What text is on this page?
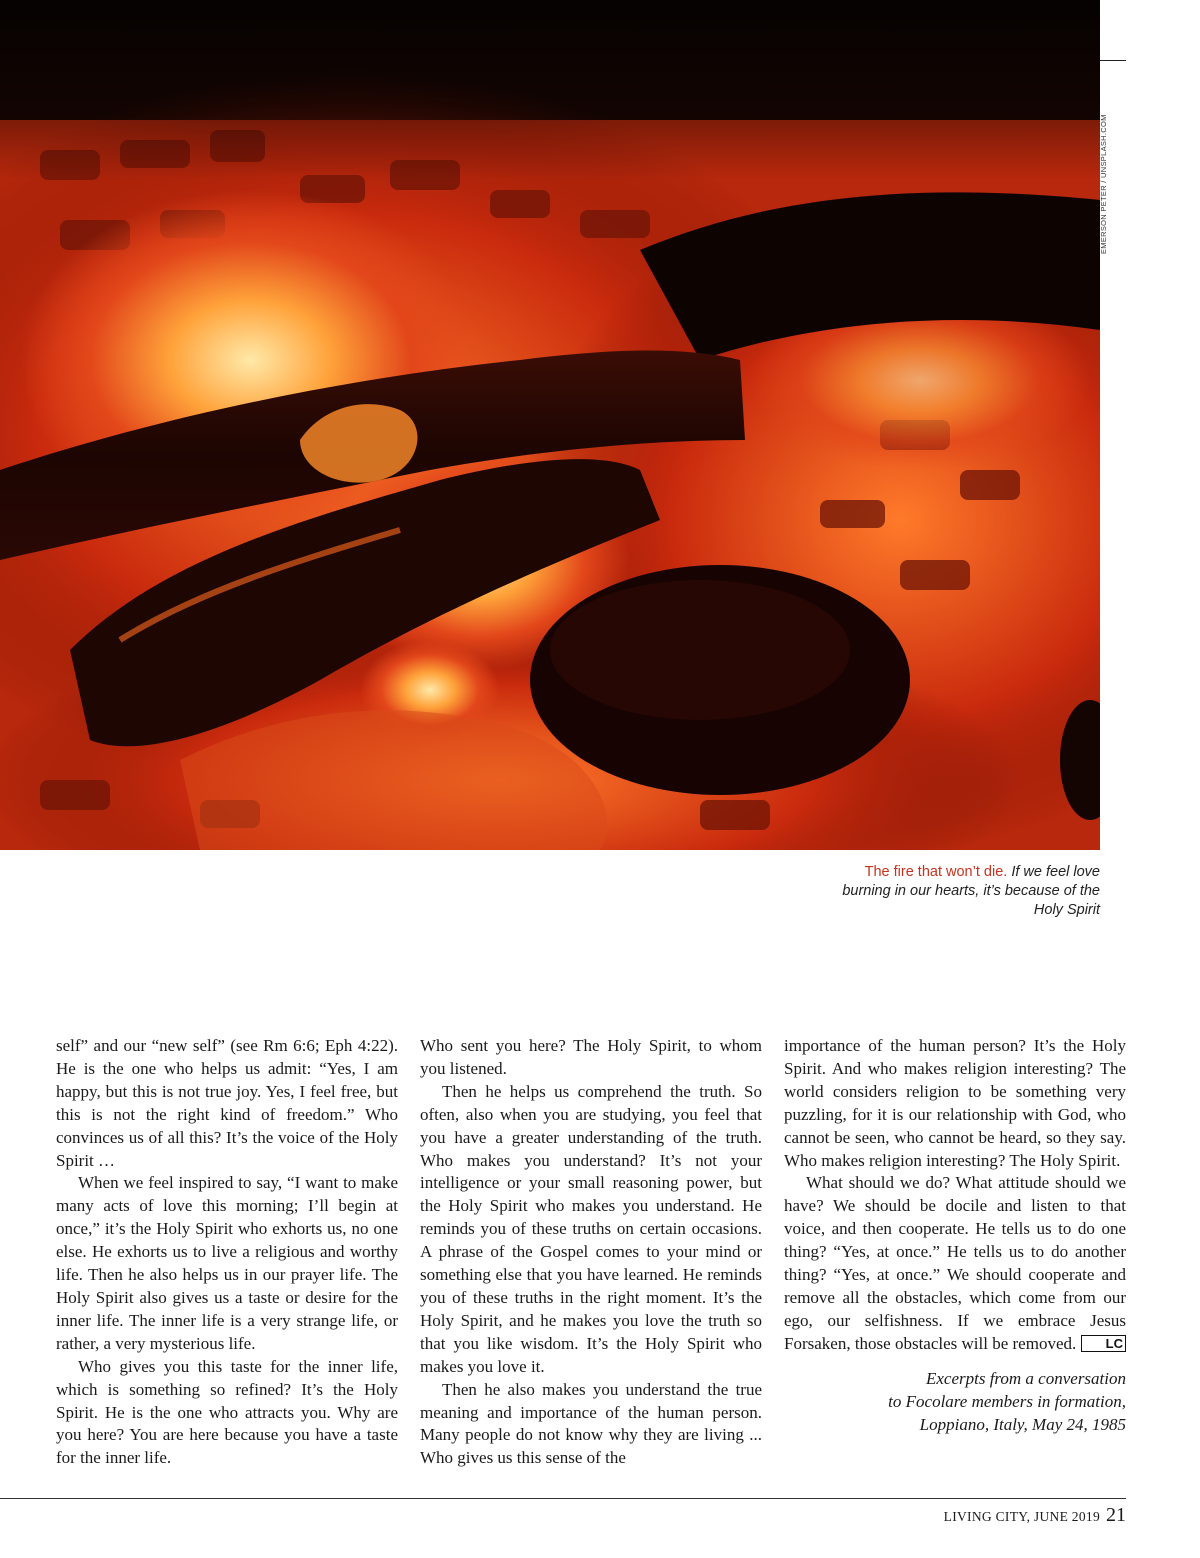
EMERSON PETER / UNSPLASH.COM
The fire that won’t die. If we feel love burning in our hearts, it’s because of the Holy Spirit

self” and our “new self” (see Rm 6:6; Eph 4:22). He is the one who helps us admit: “Yes, I am happy, but this is not true joy. Yes, I feel free, but this is not the right kind of freedom.” Who convinces us of all this? It’s the voice of the Holy Spirit …

When we feel inspired to say, “I want to make many acts of love this morning; I’ll begin at once,” it’s the Holy Spirit who exhorts us, no one else. He exhorts us to live a religious and worthy life. Then he also helps us in our prayer life. The Holy Spirit also gives us a taste or desire for the inner life. The inner life is a very strange life, or rather, a very mysterious life.

Who gives you this taste for the inner life, which is something so refined? It’s the Holy Spirit. He is the one who attracts you. Why are you here? You are here because you have a taste for the inner life.

Who sent you here? The Holy Spirit, to whom you listened.

Then he helps us comprehend the truth. So often, also when you are studying, you feel that you have a greater understanding of the truth. Who makes you understand? It’s not your intelligence or your small reasoning power, but the Holy Spirit who makes you understand. He reminds you of these truths on certain occasions. A phrase of the Gospel comes to your mind or something else that you have learned. He reminds you of these truths in the right moment. It’s the Holy Spirit, and he makes you love the truth so that you like wisdom. It’s the Holy Spirit who makes you love it.

Then he also makes you understand the true meaning and importance of the human person. Many people do not know why they are living ... Who gives us this sense of the

importance of the human person? It’s the Holy Spirit. And who makes religion interesting? The world considers religion to be something very puzzling, for it is our relationship with God, who cannot be seen, who cannot be heard, so they say. Who makes religion interesting? The Holy Spirit.

What should we do? What attitude should we have? We should be docile and listen to that voice, and then cooperate. He tells us to do one thing? “Yes, at once.” He tells us to do another thing? “Yes, at once.” We should cooperate and remove all the obstacles, which come from our ego, our selfishness. If we embrace Jesus Forsaken, those obstacles will be removed.	LC

Excerpts from a conversation
to Focolare members in formation,
Loppiano, Italy, May 24, 1985
LIVING CITY, JUNE 2019 21
